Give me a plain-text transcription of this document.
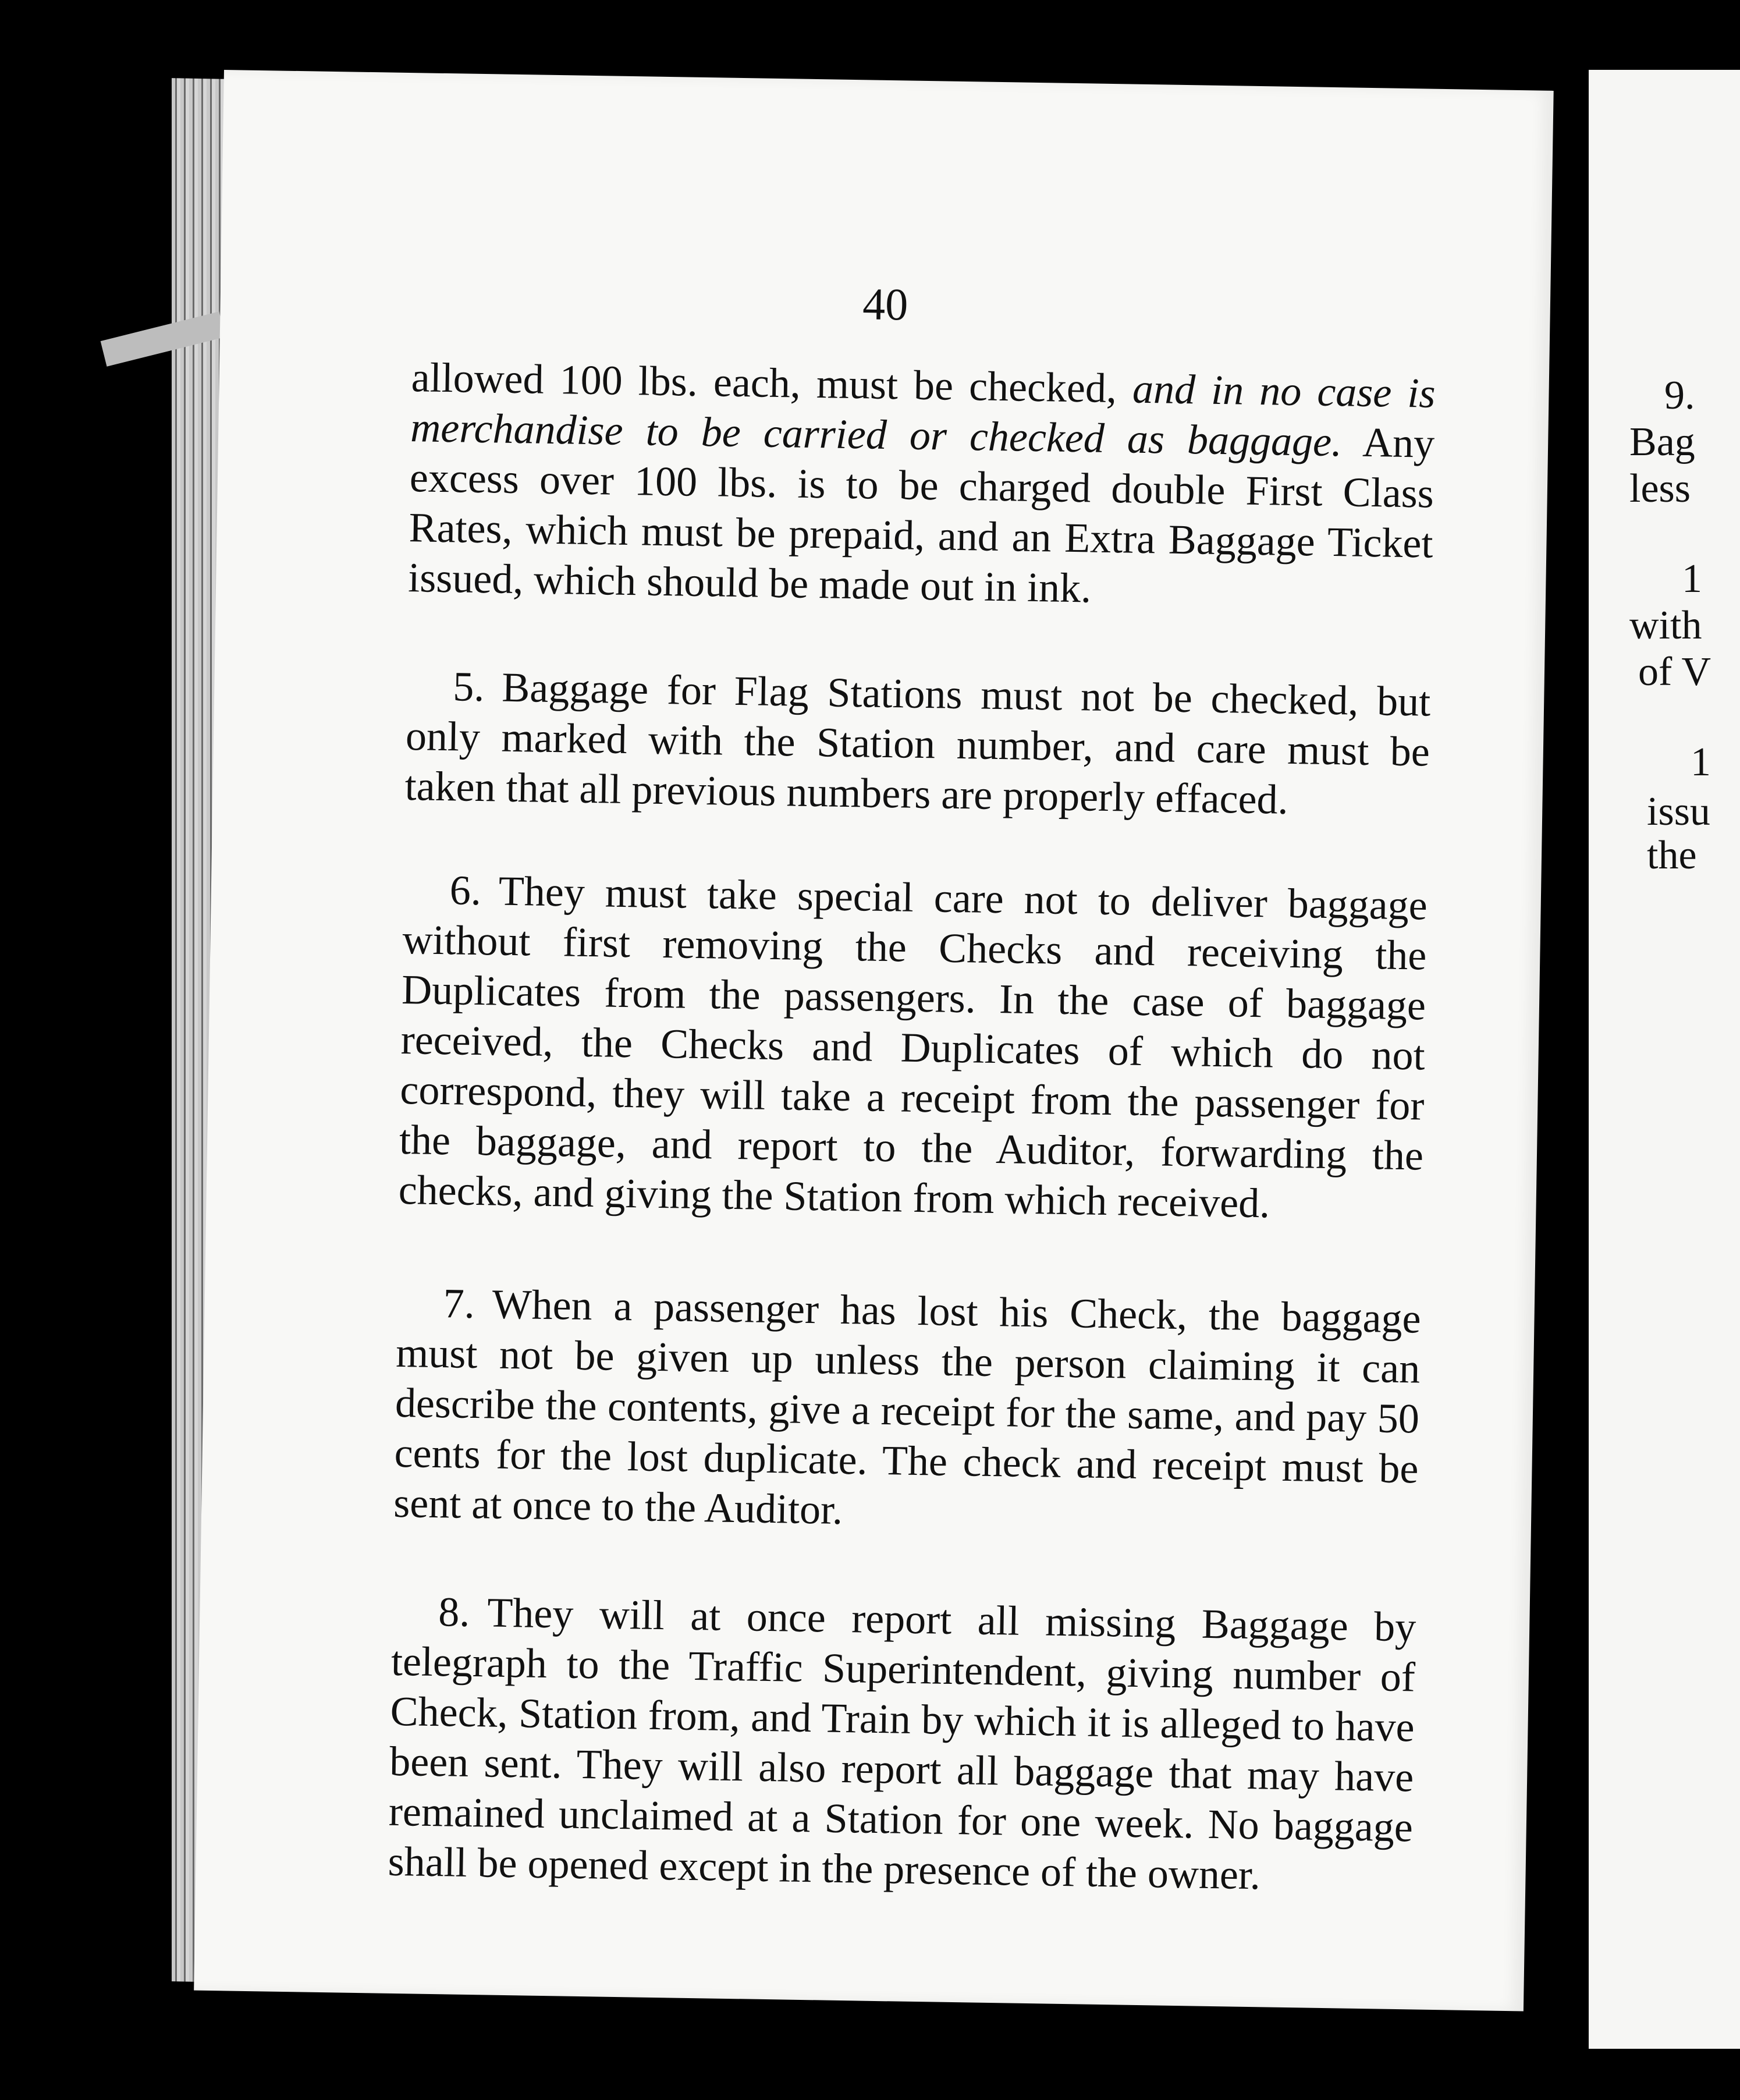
40

allowed 100 lbs. each, must be checked, and in no case is merchandise to be carried or checked as baggage. Any excess over 100 lbs. is to be charged double First Class Rates, which must be prepaid, and an Extra Baggage Ticket issued, which should be made out in ink.

5. Baggage for Flag Stations must not be checked, but only marked with the Station number, and care must be taken that all previous numbers are properly effaced.

6. They must take special care not to deliver baggage without first removing the Checks and receiving the Duplicates from the passengers. In the case of baggage received, the Checks and Duplicates of which do not correspond, they will take a receipt from the passenger for the baggage, and report to the Auditor, forwarding the checks, and giving the Station from which received.

7. When a passenger has lost his Check, the baggage must not be given up unless the person claiming it can describe the contents, give a receipt for the same, and pay 50 cents for the lost duplicate. The check and receipt must be sent at once to the Auditor.

8. They will at once report all missing Baggage by telegraph to the Traffic Superintendent, giving number of Check, Station from, and Train by which it is alleged to have been sent. They will also report all baggage that may have remained unclaimed at a Station for one week. No baggage shall be opened except in the presence of the owner.

9.
Bag
less
1
with
of V
1
issu
the
